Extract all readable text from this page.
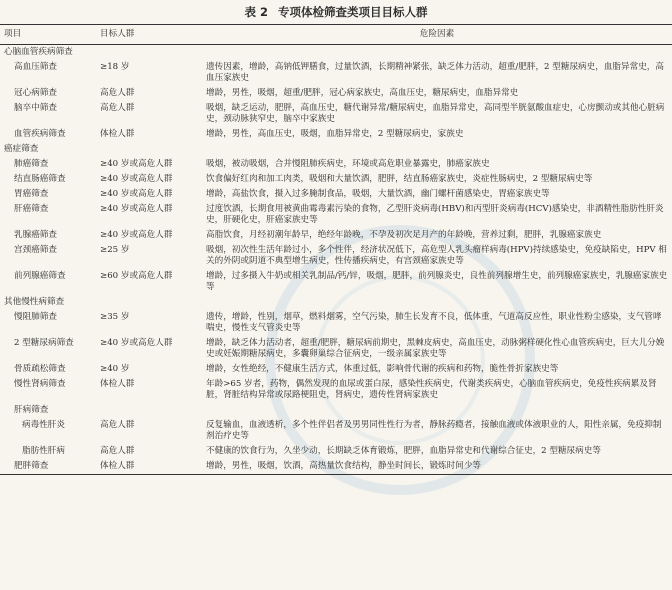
表 2 专项体检筛查类项目目标人群
项目	目标人群	危险因素
心脑血管疾病筛查		
高血压筛查	≥18 岁	遗传因素，增龄，高钠低钾膳食，过量饮酒，长期精神紧张，缺乏体力活动，超重/肥胖，2 型糖尿病史，血脂异常史，高血压家族史
冠心病筛查	高危人群	增龄，男性，吸烟，超重/肥胖，冠心病家族史，高血压史，糖尿病史，血脂异常史
脑卒中筛查	高危人群	吸烟，缺乏运动，肥胖，高血压史，糖代谢异常/糖尿病史，血脂异常史，高同型半胱氨酸血症史，心房颤动或其他心脏病史，颈动脉狭窄史，脑卒中家族史
血管疾病筛查	体检人群	增龄，男性，高血压史，吸烟，血脂异常史，2 型糖尿病史，家族史
癌症筛查		
肺癌筛查	≥40 岁或高危人群	吸烟，被动吸烟，合并慢阻肺疾病史，环境或高危职业暴露史，肺癌家族史
结直肠癌筛查	≥40 岁或高危人群	饮食偏好红肉和加工肉类，吸烟和大量饮酒，肥胖，结直肠癌家族史，炎症性肠病史，2 型糖尿病史等
胃癌筛查	≥40 岁或高危人群	增龄，高盐饮食，摄入过多腌制食品，吸烟，大量饮酒，幽门螺杆菌感染史，胃癌家族史等
肝癌筛查	≥40 岁或高危人群	过度饮酒，长期食用被黄曲霉毒素污染的食物，乙型肝炎病毒(HBV)和丙型肝炎病毒(HCV)感染史，非酒精性脂肪性肝炎史，肝硬化史，肝癌家族史等
乳腺癌筛查	≥40 岁或高危人群	高脂饮食，月经初潮年龄早，绝经年龄晚，不孕及初次足月产的年龄晚，营养过剩，肥胖，乳腺癌家族史
宫颈癌筛查	≥25 岁	吸烟，初次性生活年龄过小，多个性伴，经济状况低下，高危型人乳头瘤样病毒(HPV)持续感染史，免疫缺陷史，HPV 相关的外阴或阴道不典型增生病史，性传播疾病史，有宫颈癌家族史等
前列腺癌筛查	≥60 岁或高危人群	增龄，过多摄入牛奶或相关乳制品/钙/锌，吸烟，肥胖，前列腺炎史，良性前列腺增生史，前列腺癌家族史，乳腺癌家族史等
其他慢性病筛查		
慢阻肺筛查	≥35 岁	遗传，增龄，性别，烟草，燃料烟雾，空气污染，肺生长发育不良，低体重，气道高反应性，职业性粉尘感染，支气管哮喘史，慢性支气管炎史等
2 型糖尿病筛查	≥40 岁或高危人群	增龄，缺乏体力活动者，超重/肥胖，糖尿病前期史，黑棘皮病史，高血压史，动脉粥样硬化性心血管疾病史，巨大儿分娩史或妊娠期糖尿病史，多囊卵巢综合征病史，一级亲属家族史等
骨质疏松筛查	≥40 岁	增龄，女性绝经，不健康生活方式，体重过低，影响骨代谢的疾病和药物，脆性骨折家族史等
慢性肾病筛查	体检人群	年龄>65 岁者，药物，偶然发现的血尿或蛋白尿，感染性疾病史，代谢类疾病史，心脑血管疾病史，免疫性疾病累及肾脏，肾脏结构异常或尿路梗阻史，肾病史，遗传性肾病家族史
肝病筛查		
病毒性肝炎	高危人群	反复输血，血液透析，多个性伴侣者及男男同性性行为者，静脉药瘾者，接触血液或体液职业的人，阳性亲属，免疫抑制剂治疗史等
脂肪性肝病	高危人群	不健康的饮食行为，久坐少动，长期缺乏体育锻炼，肥胖，血脂异常史和代谢综合征史，2 型糖尿病史等
肥胖筛查	体检人群	增龄，男性，吸烟，饮酒，高热量饮食结构，静坐时间长，锻炼时间少等
